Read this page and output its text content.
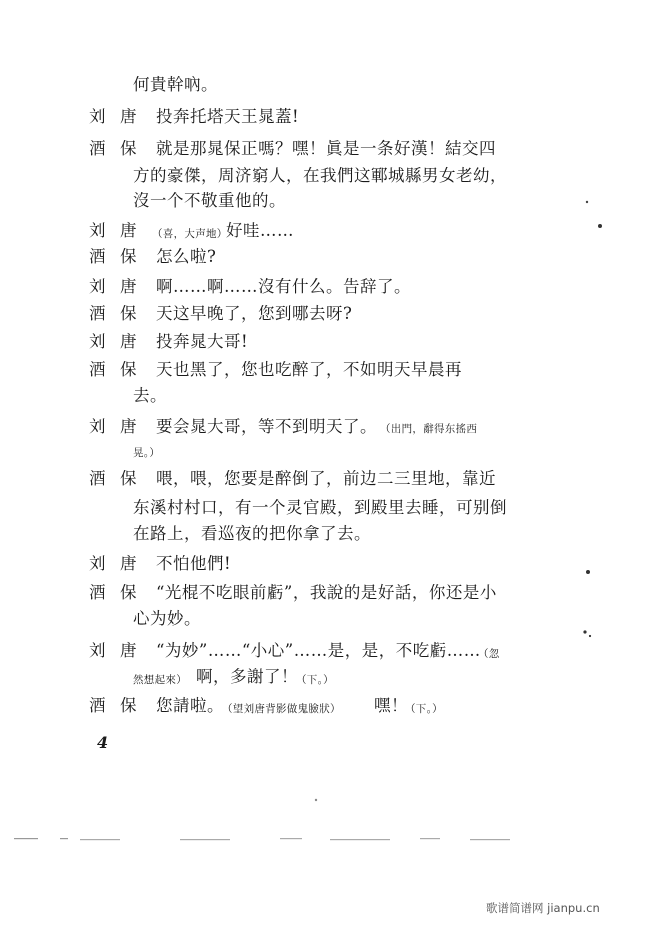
何貴幹吶。
刘 唐 投奔托塔天王晁蓋!
酒 保 就是那晁保正嗎？嘿！眞是一条好漢！結交四
方的豪傑，周济窮人，在我們这鄆城縣男女老幼，
沒一个不敬重他的。
刘 唐 （喜，大声地）
好哇……
酒 保 怎么啦?
刘 唐 啊……啊……沒有什么。告辞了。
酒 保 天这早晚了，您到哪去呀?
刘 唐 投奔晁大哥!
酒 保 天也黑了，您也吃醉了，不如明天早晨再
去。
刘 唐 要会晁大哥，等不到明天了。 （出門，辭得东搖西
晃。）
酒 保 喂，喂，您要是醉倒了，前边二三里地，靠近
东溪村村口，有一个灵官殿，到殿里去睡，可别倒
在路上，看巡夜的把你拿了去。
刘 唐 不怕他們!
酒 保 “光棍不吃眼前虧”，我說的是好話，你还是小
心为妙。
刘 唐 “为妙”……“小心”……是，是，不吃虧……
（忽
然想起來） 啊，多謝了！
（下。）
酒 保 您請啦。
（望刘唐背影做鬼臉狀） 嘿！
（下。）
4
歌谱简谱网 jianpu.cn
